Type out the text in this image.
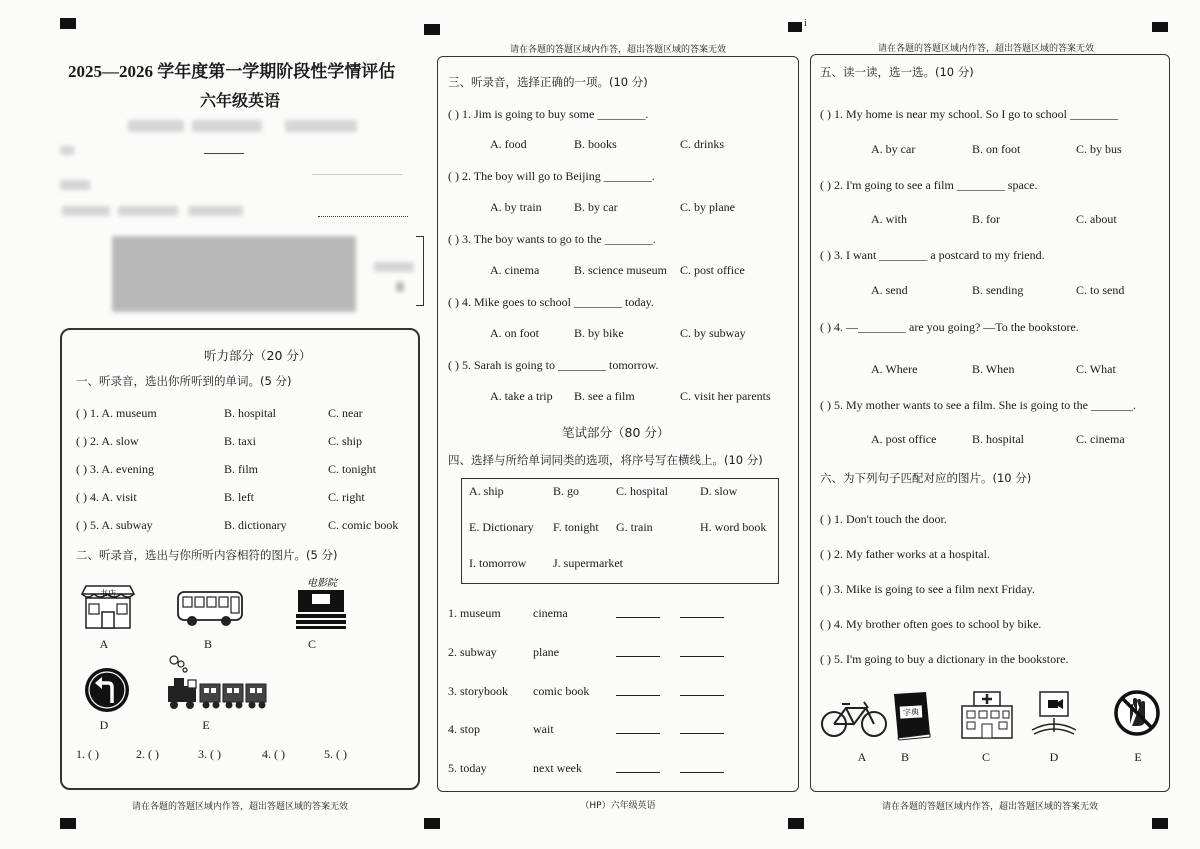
i
请在各题的答题区域内作答，超出答题区域的答案无效	请在各题的答题区域内作答，超出答题区域的答案无效
2025—2026 学年度第一学期阶段性学情评估
六年级英语
听力部分（20 分）
一、听录音，选出你所听到的单词。(5 分)
( ) 1. A. museum	B. hospital	C. near
( ) 2. A. slow	B. taxi	C. ship
( ) 3. A. evening	B. film	C. tonight
( ) 4. A. visit	B. left	C. right
( ) 5. A. subway	B. dictionary	C. comic book
二、听录音，选出与你所听内容相符的图片。(5 分)
书店
电影院
A	B	C
D	E
1. ( )	2. ( )	3. ( )	4. ( )	5. ( )
请在各题的答题区域内作答，超出答题区域的答案无效
三、听录音，选择正确的一项。(10 分)
( ) 1. Jim is going to buy some ________.
A. food	B. books	C. drinks
( ) 2. The boy will go to Beijing ________.
A. by train	B. by car	C. by plane
( ) 3. The boy wants to go to the ________.
A. cinema	B. science museum C. post office
( ) 4. Mike goes to school ________ today.
A. on foot	B. by bike	C. by subway
( ) 5. Sarah is going to ________ tomorrow.
A. take a trip B. see a film	C. visit her parents
笔试部分（80 分）
四、选择与所给单词同类的选项，将序号写在横线上。(10 分)
A. ship	B. go	C. hospital	D. slow
E. Dictionary F. tonight G. train	H. word book
I. tomorrow J. supermarket
1. museum	cinema
2. subway	plane
3. storybook comic book
4. stop	wait
5. today	next week
（HP）六年级英语
五、读一读，选一选。(10 分)
( ) 1. My home is near my school. So I go to school ________
A. by car	B. on foot	C. by bus
( ) 2. I'm going to see a film ________ space.
A. with	B. for	C. about
( ) 3. I want ________ a postcard to my friend.
A. send	B. sending	C. to send
( ) 4. —________ are you going? —To the bookstore.
A. Where	B. When	C. What
( ) 5. My mother wants to see a film. She is going to the _______.
A. post office	B. hospital	C. cinema
六、为下列句子匹配对应的图片。(10 分)
( ) 1. Don't touch the door.
( ) 2. My father works at a hospital.
( ) 3. Mike is going to see a film next Friday.
( ) 4. My brother often goes to school by bike.
( ) 5. I'm going to buy a dictionary in the bookstore.
字典
A	B	C	D	E
请在各题的答题区域内作答，超出答题区域的答案无效
